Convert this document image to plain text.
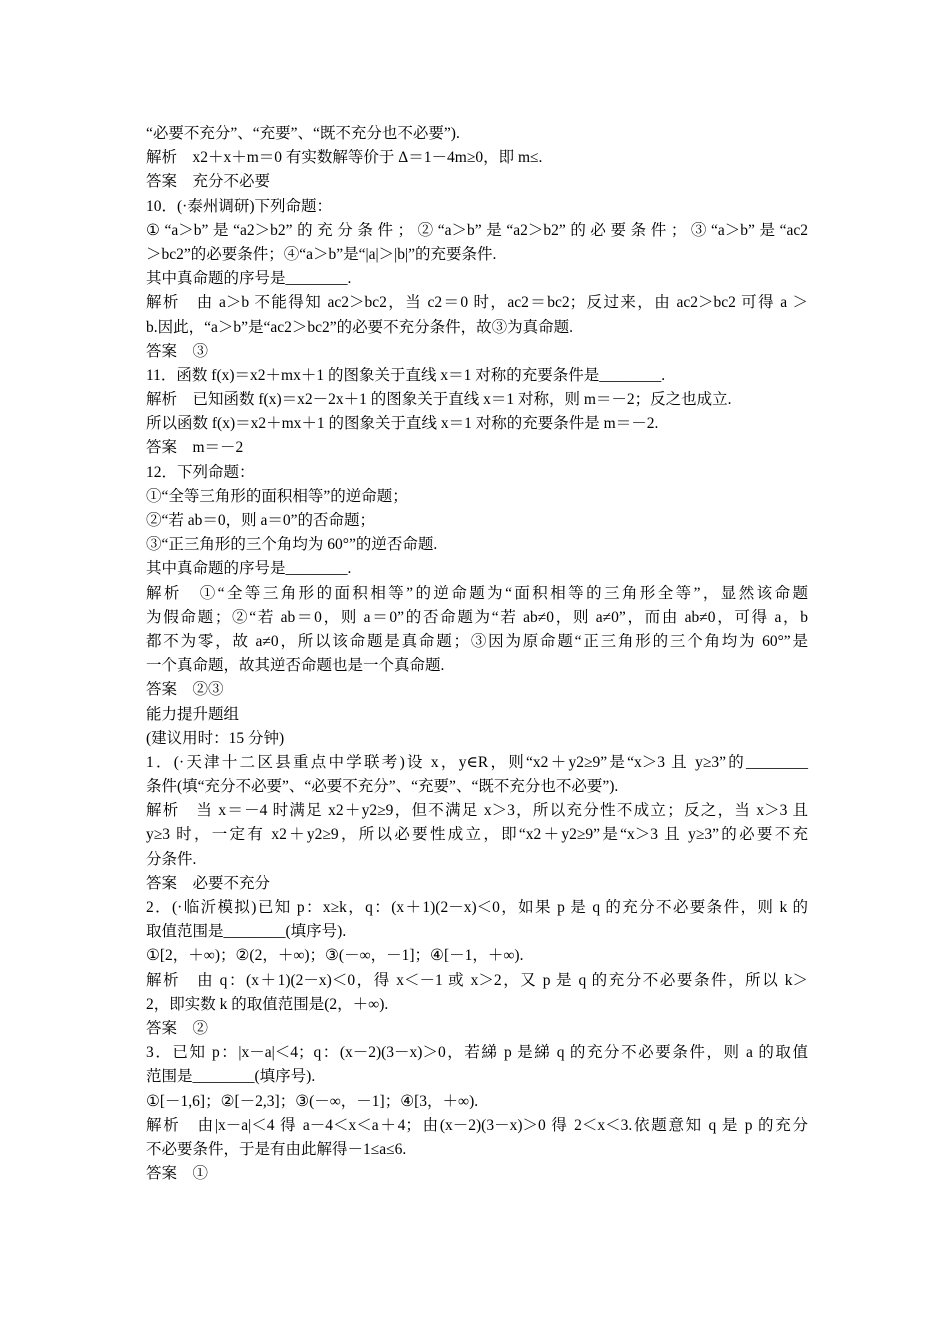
“必要不充分”、“充要”、“既不充分也不必要”).
解析　x2＋x＋m＝0 有实数解等价于 Δ＝1－4m≥0，即 m≤.
答案　充分不必要
10．(·泰州调研)下列命题：
①“a＞b”是“a2＞b2”的充分条件；②“a＞b”是“a2＞b2”的必要条件；③“a＞b”是“ac2
＞bc2”的必要条件；④“a＞b”是“|a|＞|b|”的充要条件.
其中真命题的序号是________.
解析　由 a＞b 不能得知 ac2＞bc2，当 c2＝0 时，ac2＝bc2；反过来，由 ac2＞bc2 可得 a ＞
b.因此，“a＞b”是“ac2＞bc2”的必要不充分条件，故③为真命题.
答案　③
11．函数 f(x)＝x2＋mx＋1 的图象关于直线 x＝1 对称的充要条件是________.
解析　已知函数 f(x)＝x2－2x＋1 的图象关于直线 x＝1 对称，则 m＝－2；反之也成立.
所以函数 f(x)＝x2＋mx＋1 的图象关于直线 x＝1 对称的充要条件是 m＝－2.
答案　m＝－2
12．下列命题：
①“全等三角形的面积相等”的逆命题；
②“若 ab＝0，则 a＝0”的否命题；
③“正三角形的三个角均为 60°”的逆否命题.
其中真命题的序号是________.
解析　①“全等三角形的面积相等”的逆命题为“面积相等的三角形全等”，显然该命题
为假命题；②“若 ab＝0，则 a＝0”的否命题为“若 ab≠0，则 a≠0”，而由 ab≠0，可得 a，b
都不为零，故 a≠0，所以该命题是真命题；③因为原命题“正三角形的三个角均为 60°”是
一个真命题，故其逆否命题也是一个真命题.
答案　②③
能力提升题组
(建议用时：15 分钟)
1．(·天津十二区县重点中学联考)设 x，y∈R，则“x2＋y2≥9”是“x＞3 且 y≥3”的________
条件(填“充分不必要”、“必要不充分”、“充要”、“既不充分也不必要”).
解析　当 x＝－4 时满足 x2＋y2≥9，但不满足 x＞3，所以充分性不成立；反之，当 x＞3 且
y≥3 时，一定有 x2＋y2≥9，所以必要性成立，即“x2＋y2≥9”是“x＞3 且 y≥3”的必要不充
分条件.
答案　必要不充分
2．(·临沂模拟)已知 p：x≥k，q：(x＋1)(2－x)＜0，如果 p 是 q 的充分不必要条件，则 k 的
取值范围是________(填序号).
①[2，＋∞)；②(2，＋∞)；③(－∞，－1]；④[－1，＋∞).
解析　由 q：(x＋1)(2－x)＜0，得 x＜－1 或 x＞2，又 p 是 q 的充分不必要条件，所以 k＞
2，即实数 k 的取值范围是(2，＋∞).
答案　②
3．已知 p：|x－a|＜4；q：(x－2)(3－x)＞0，若綈 p 是綈 q 的充分不必要条件，则 a 的取值
范围是________(填序号).
①[－1,6]；②[－2,3]；③(－∞，－1]；④[3，＋∞).
解析　由|x－a|＜4 得 a－4＜x＜a＋4；由(x－2)(3－x)＞0 得 2＜x＜3.依题意知 q 是 p 的充分
不必要条件，于是有由此解得－1≤a≤6.
答案　①
